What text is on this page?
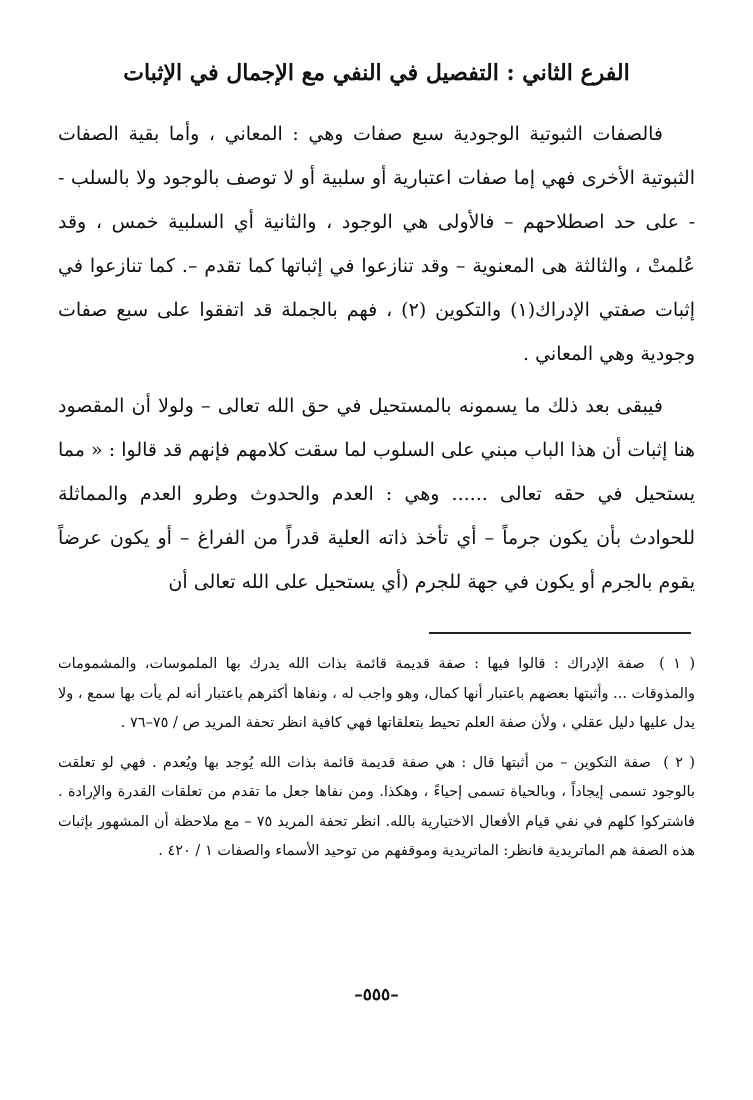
الفرع الثاني : التفصيل في النفي مع الإجمال في الإثبات

فالصفات الثبوتية الوجودية سبع صفات وهي : المعاني ، وأما بقية الصفات الثبوتية الأخرى فهي إما صفات اعتبارية أو سلبية أو لا توصف بالوجود ولا بالسلب -- على حد اصطلاحهم – فالأولى هي الوجود ، والثانية أي السلبية خمس ، وقد عُلمتْ ، والثالثة هى المعنوية – وقد تنازعوا في إثباتها كما تقدم –. كما تنازعوا في إثبات صفتي الإدراك(١) والتكوين (٢) ، فهم بالجملة قد اتفقوا على سبع صفات وجودية وهي المعاني .

فيبقى بعد ذلك ما يسمونه بالمستحيل في حق الله تعالى – ولولا أن المقصود هنا إثبات أن هذا الباب مبني على السلوب لما سقت كلامهم فإنهم قد قالوا : « مما يستحيل في حقه تعالى ...... وهي : العدم والحدوث وطرو العدم والمماثلة للحوادث بأن يكون جرماً – أي تأخذ ذاته العلية قدراً من الفراغ – أو يكون عرضاً يقوم بالجرم أو يكون في جهة للجرم (أي يستحيل على الله تعالى أن

( ١ ) صفة الإدراك : قالوا فيها : صفة قديمة قائمة بذات الله يدرك بها الملموسات، والمشمومات والمذوقات ... وأثبتها بعضهم باعتبار أنها كمال، وهو واجب له ، ونفاها أكثرهم باعتبار أنه لم يأت بها سمع ، ولا يدل عليها دليل عقلي ، ولأن صفة العلم تحيط بتعلقاتها فهي كافية انظر تحفة المريد ص / ٧٥–٧٦ .

( ٢ ) صفة التكوين – من أثبتها قال : هي صفة قديمة قائمة بذات الله يُوجد بها ويُعدم . فهي لو تعلقت بالوجود تسمى إيجاداً ، وبالحياة تسمى إحياءً ، وهكذا. ومن نفاها جعل ما تقدم من تعلقات القدرة والإرادة . فاشتركوا كلهم في نفي قيام الأفعال الاختيارية بالله. انظر تحفة المريد ٧٥ – مع ملاحظة أن المشهور بإثبات هذه الصفة هم الماتريدية فانظر: الماتريدية وموقفهم من توحيد الأسماء والصفات ١ / ٤٢٠ .

–٥٥٥–
